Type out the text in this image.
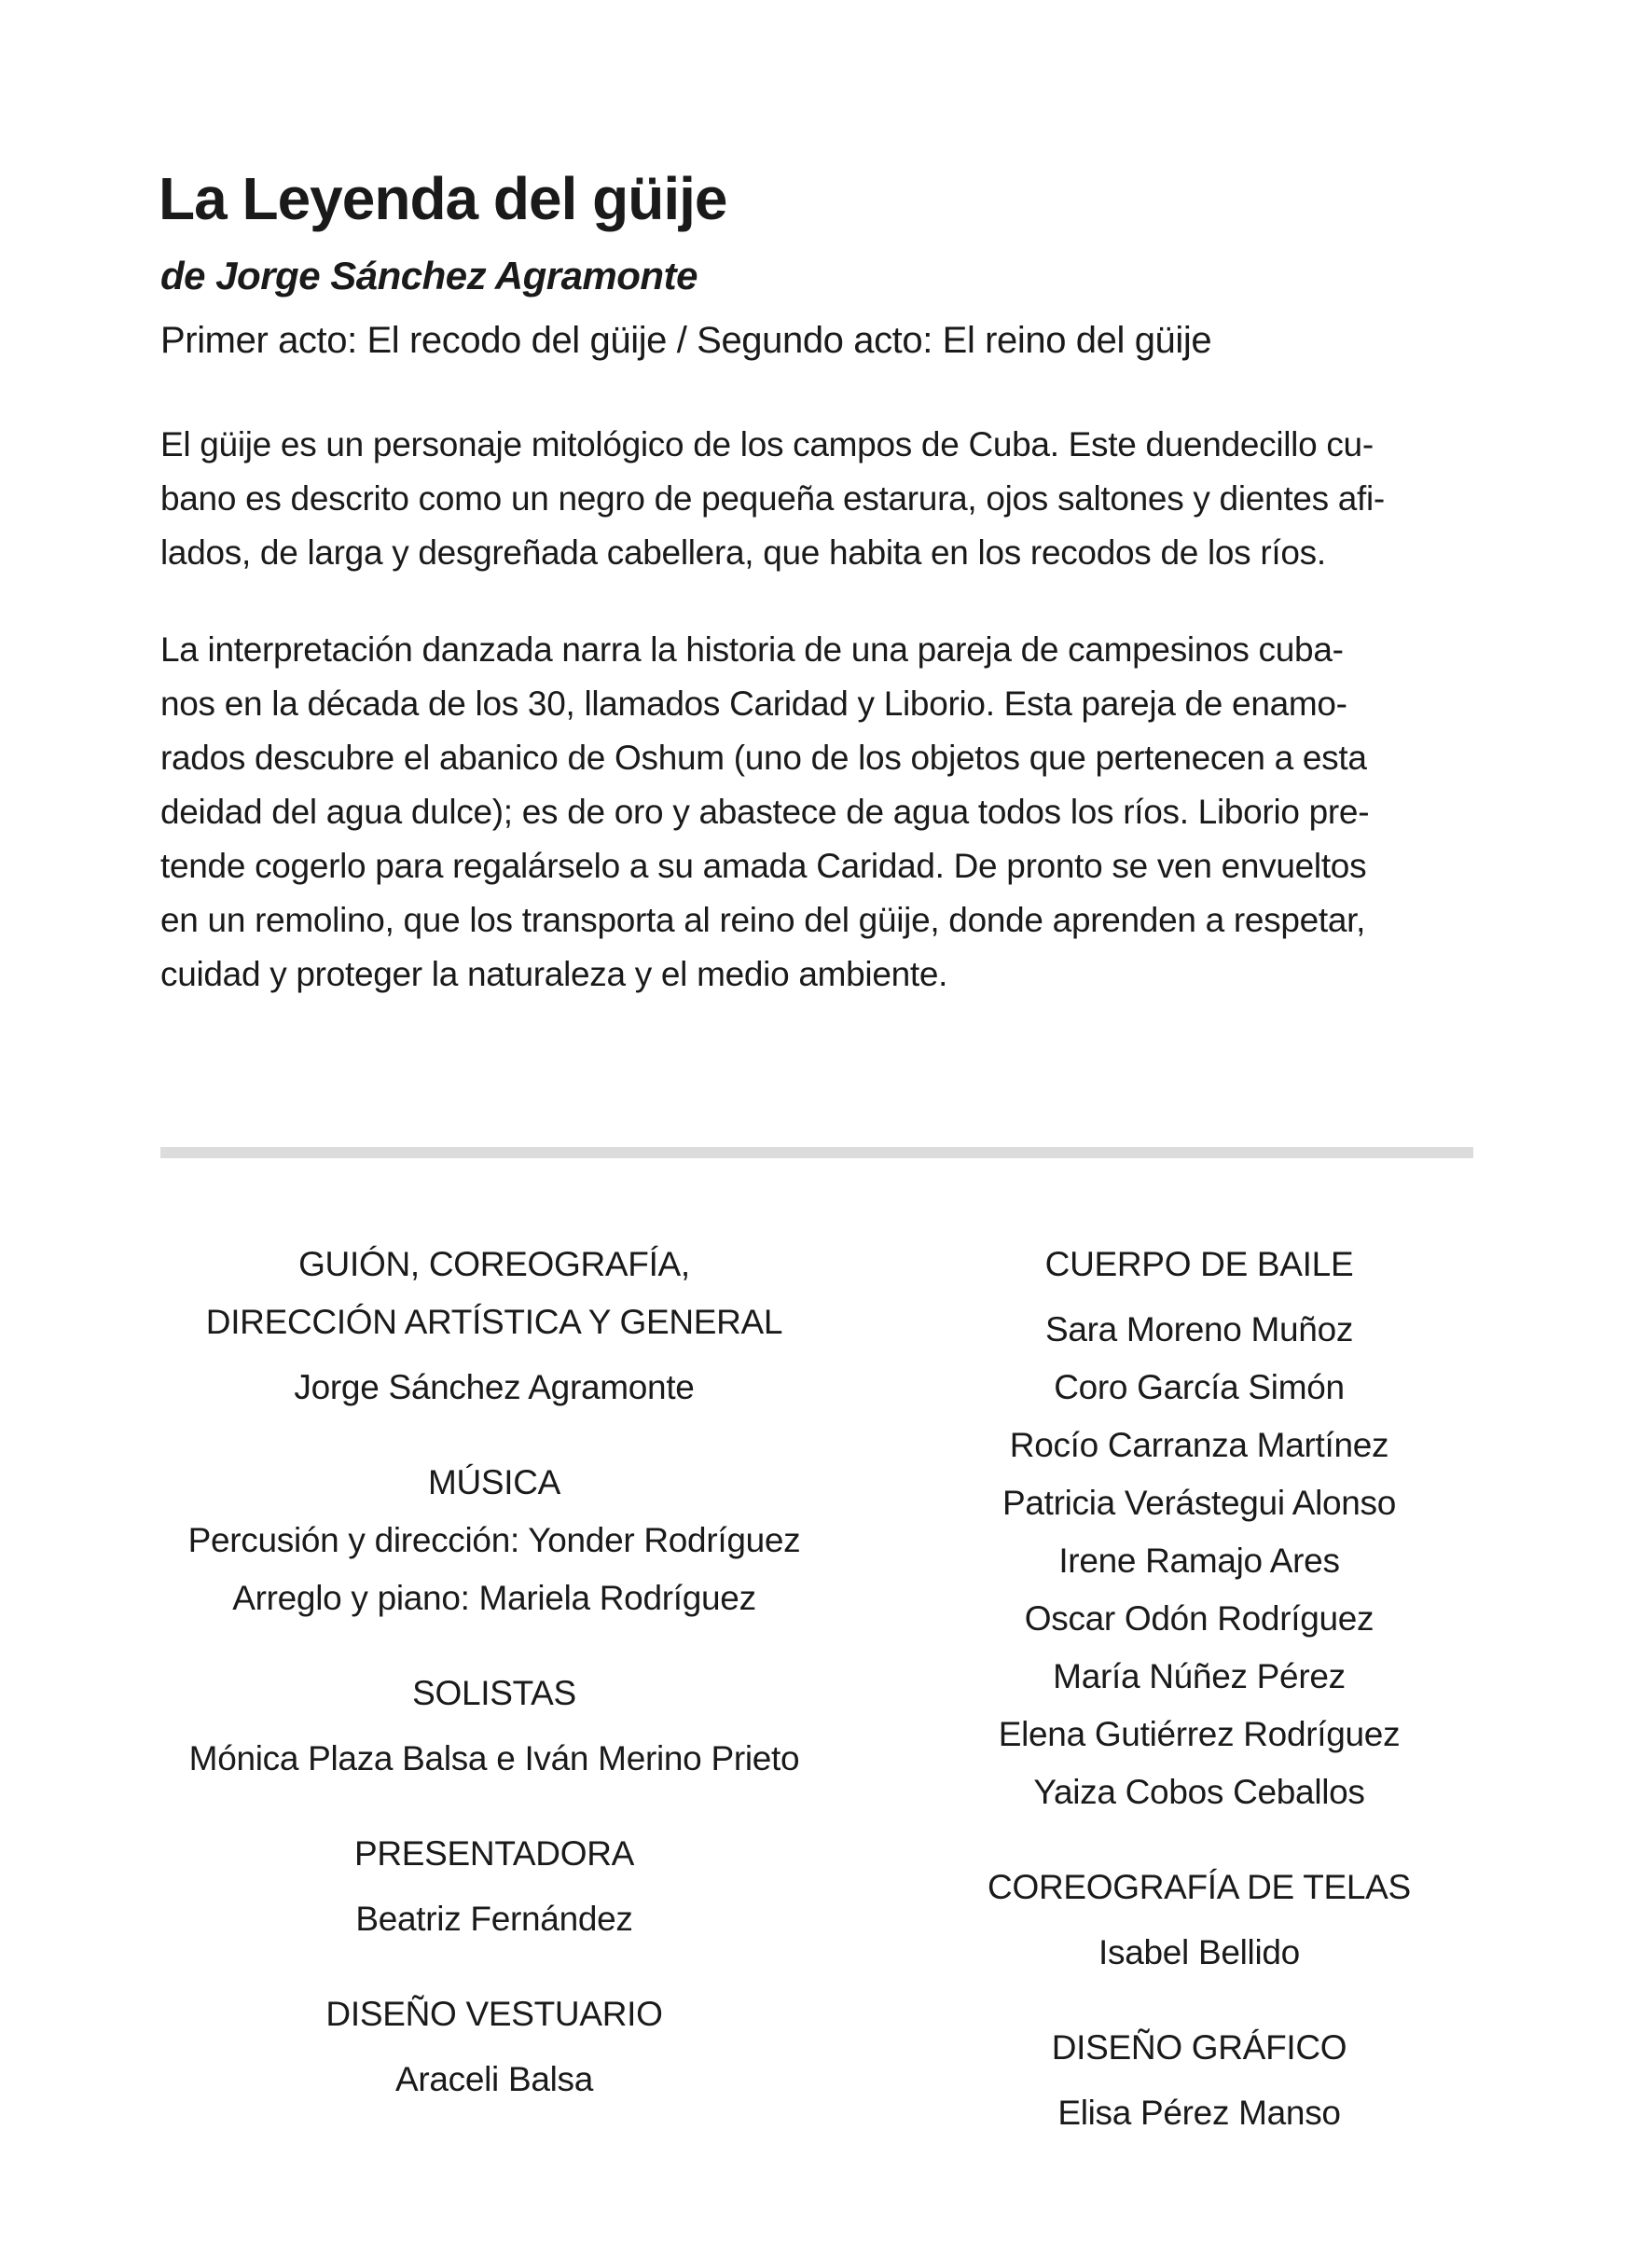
La Leyenda del güije
de Jorge Sánchez Agramonte
Primer acto: El recodo del güije / Segundo acto: El reino del güije

El güije es un personaje mitológico de los campos de Cuba. Este duendecillo cu-
bano es descrito como un negro de pequeña estarura, ojos saltones y dientes afi-
lados, de larga y desgreñada cabellera, que habita en los recodos de los ríos.

La interpretación danzada narra la historia de una pareja de campesinos cuba-
nos en la década de los 30, llamados Caridad y Liborio. Esta pareja de enamo-
rados descubre el abanico de Oshum (uno de los objetos que pertenecen a esta
deidad del agua dulce); es de oro y abastece de agua todos los ríos. Liborio pre-
tende cogerlo para regalárselo a su amada Caridad. De pronto se ven envueltos
en un remolino, que los transporta al reino del güije, donde aprenden a respetar,
cuidad y proteger la naturaleza y el medio ambiente.

GUIÓN, COREOGRAFÍA,
DIRECCIÓN ARTÍSTICA Y GENERAL
Jorge Sánchez Agramonte
MÚSICA
Percusión y dirección: Yonder Rodríguez
Arreglo y piano: Mariela Rodríguez
SOLISTAS
Mónica Plaza Balsa e Iván Merino Prieto
PRESENTADORA
Beatriz Fernández
DISEÑO VESTUARIO
Araceli Balsa
CUERPO DE BAILE
Sara Moreno Muñoz
Coro García Simón
Rocío Carranza Martínez
Patricia Verástegui Alonso
Irene Ramajo Ares
Oscar Odón Rodríguez
María Núñez Pérez
Elena Gutiérrez Rodríguez
Yaiza Cobos Ceballos
COREOGRAFÍA DE TELAS
Isabel Bellido
DISEÑO GRÁFICO
Elisa Pérez Manso
